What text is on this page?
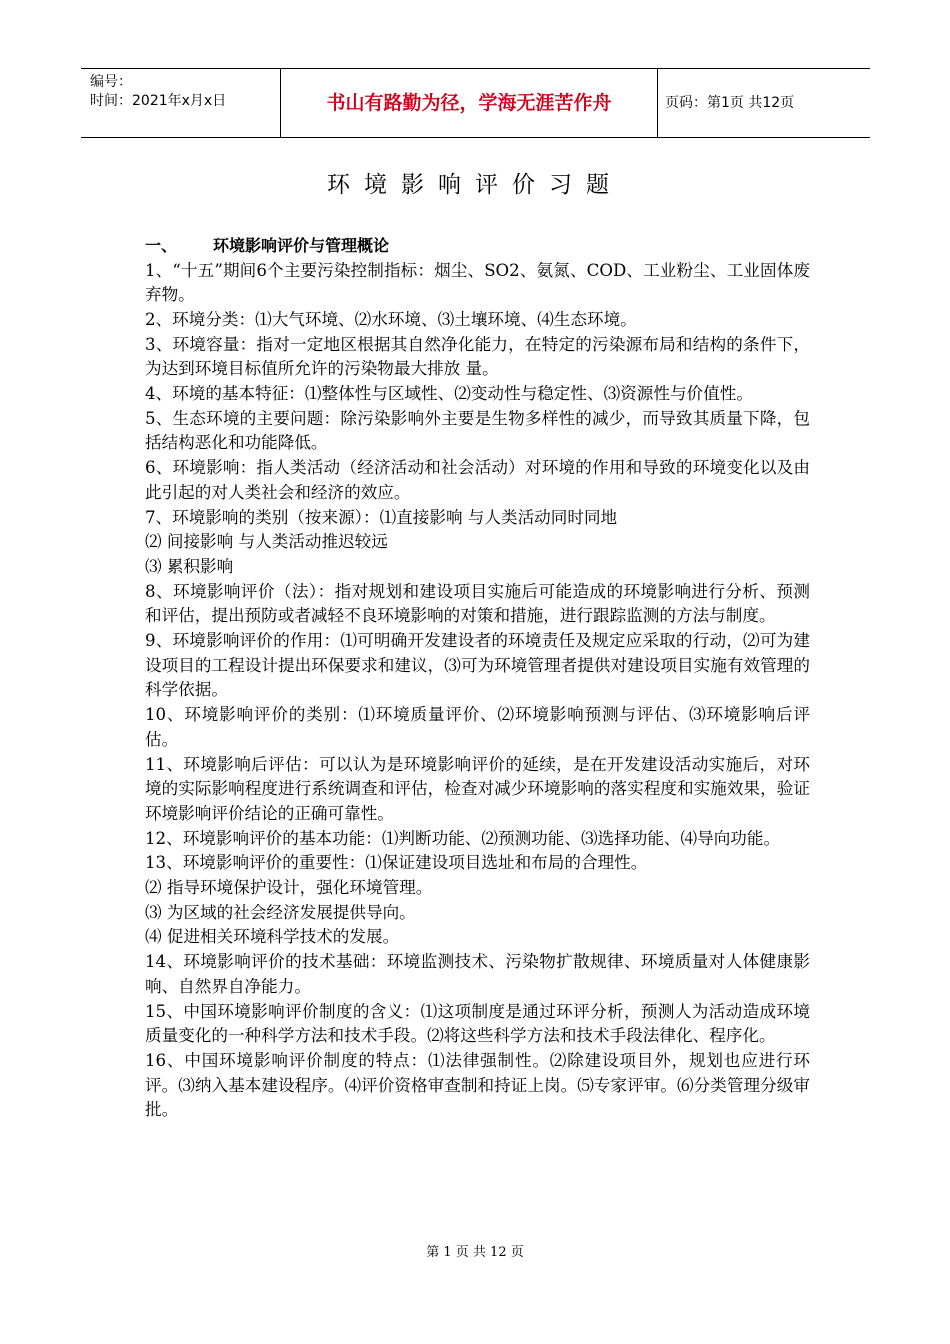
编号：
时间：2021年x月x日	书山有路勤为径，学海无涯苦作舟	页码：第1页 共12页
环境影响评价习题

一、 环境影响评价与管理概论

1、“十五”期间6个主要污染控制指标：烟尘、SO2、氨氮、COD、工业粉尘、工业固体废弃物。

2、环境分类：⑴大气环境、⑵水环境、⑶土壤环境、⑷生态环境。

3、环境容量：指对一定地区根据其自然净化能力，在特定的污染源布局和结构的条件下，为达到环境目标值所允许的污染物最大排放 量。

4、环境的基本特征：⑴整体性与区域性、⑵变动性与稳定性、⑶资源性与价值性。

5、生态环境的主要问题：除污染影响外主要是生物多样性的减少，而导致其质量下降，包括结构恶化和功能降低。

6、环境影响：指人类活动（经济活动和社会活动）对环境的作用和导致的环境变化以及由此引起的对人类社会和经济的效应。

7、环境影响的类别（按来源）：⑴直接影响 与人类活动同时同地

⑵ 间接影响 与人类活动推迟较远

⑶ 累积影响

8、环境影响评价（法）：指对规划和建设项目实施后可能造成的环境影响进行分析、预测和评估，提出预防或者减轻不良环境影响的对策和措施，进行跟踪监测的方法与制度。

9、环境影响评价的作用：⑴可明确开发建设者的环境责任及规定应采取的行动，⑵可为建设项目的工程设计提出环保要求和建议，⑶可为环境管理者提供对建设项目实施有效管理的科学依据。

10、环境影响评价的类别：⑴环境质量评价、⑵环境影响预测与评估、⑶环境影响后评估。

11、环境影响后评估：可以认为是环境影响评价的延续，是在开发建设活动实施后，对环境的实际影响程度进行系统调查和评估，检查对减少环境影响的落实程度和实施效果，验证环境影响评价结论的正确可靠性。

12、环境影响评价的基本功能：⑴判断功能、⑵预测功能、⑶选择功能、⑷导向功能。

13、环境影响评价的重要性：⑴保证建设项目选址和布局的合理性。

⑵ 指导环境保护设计，强化环境管理。

⑶ 为区域的社会经济发展提供导向。

⑷ 促进相关环境科学技术的发展。

14、环境影响评价的技术基础：环境监测技术、污染物扩散规律、环境质量对人体健康影响、自然界自净能力。

15、中国环境影响评价制度的含义：⑴这项制度是通过环评分析，预测人为活动造成环境质量变化的一种科学方法和技术手段。⑵将这些科学方法和技术手段法律化、程序化。

16、中国环境影响评价制度的特点：⑴法律强制性。⑵除建设项目外，规划也应进行环评。⑶纳入基本建设程序。⑷评价资格审查制和持证上岗。⑸专家评审。⑹分类管理分级审批。

第 1 页 共 12 页
